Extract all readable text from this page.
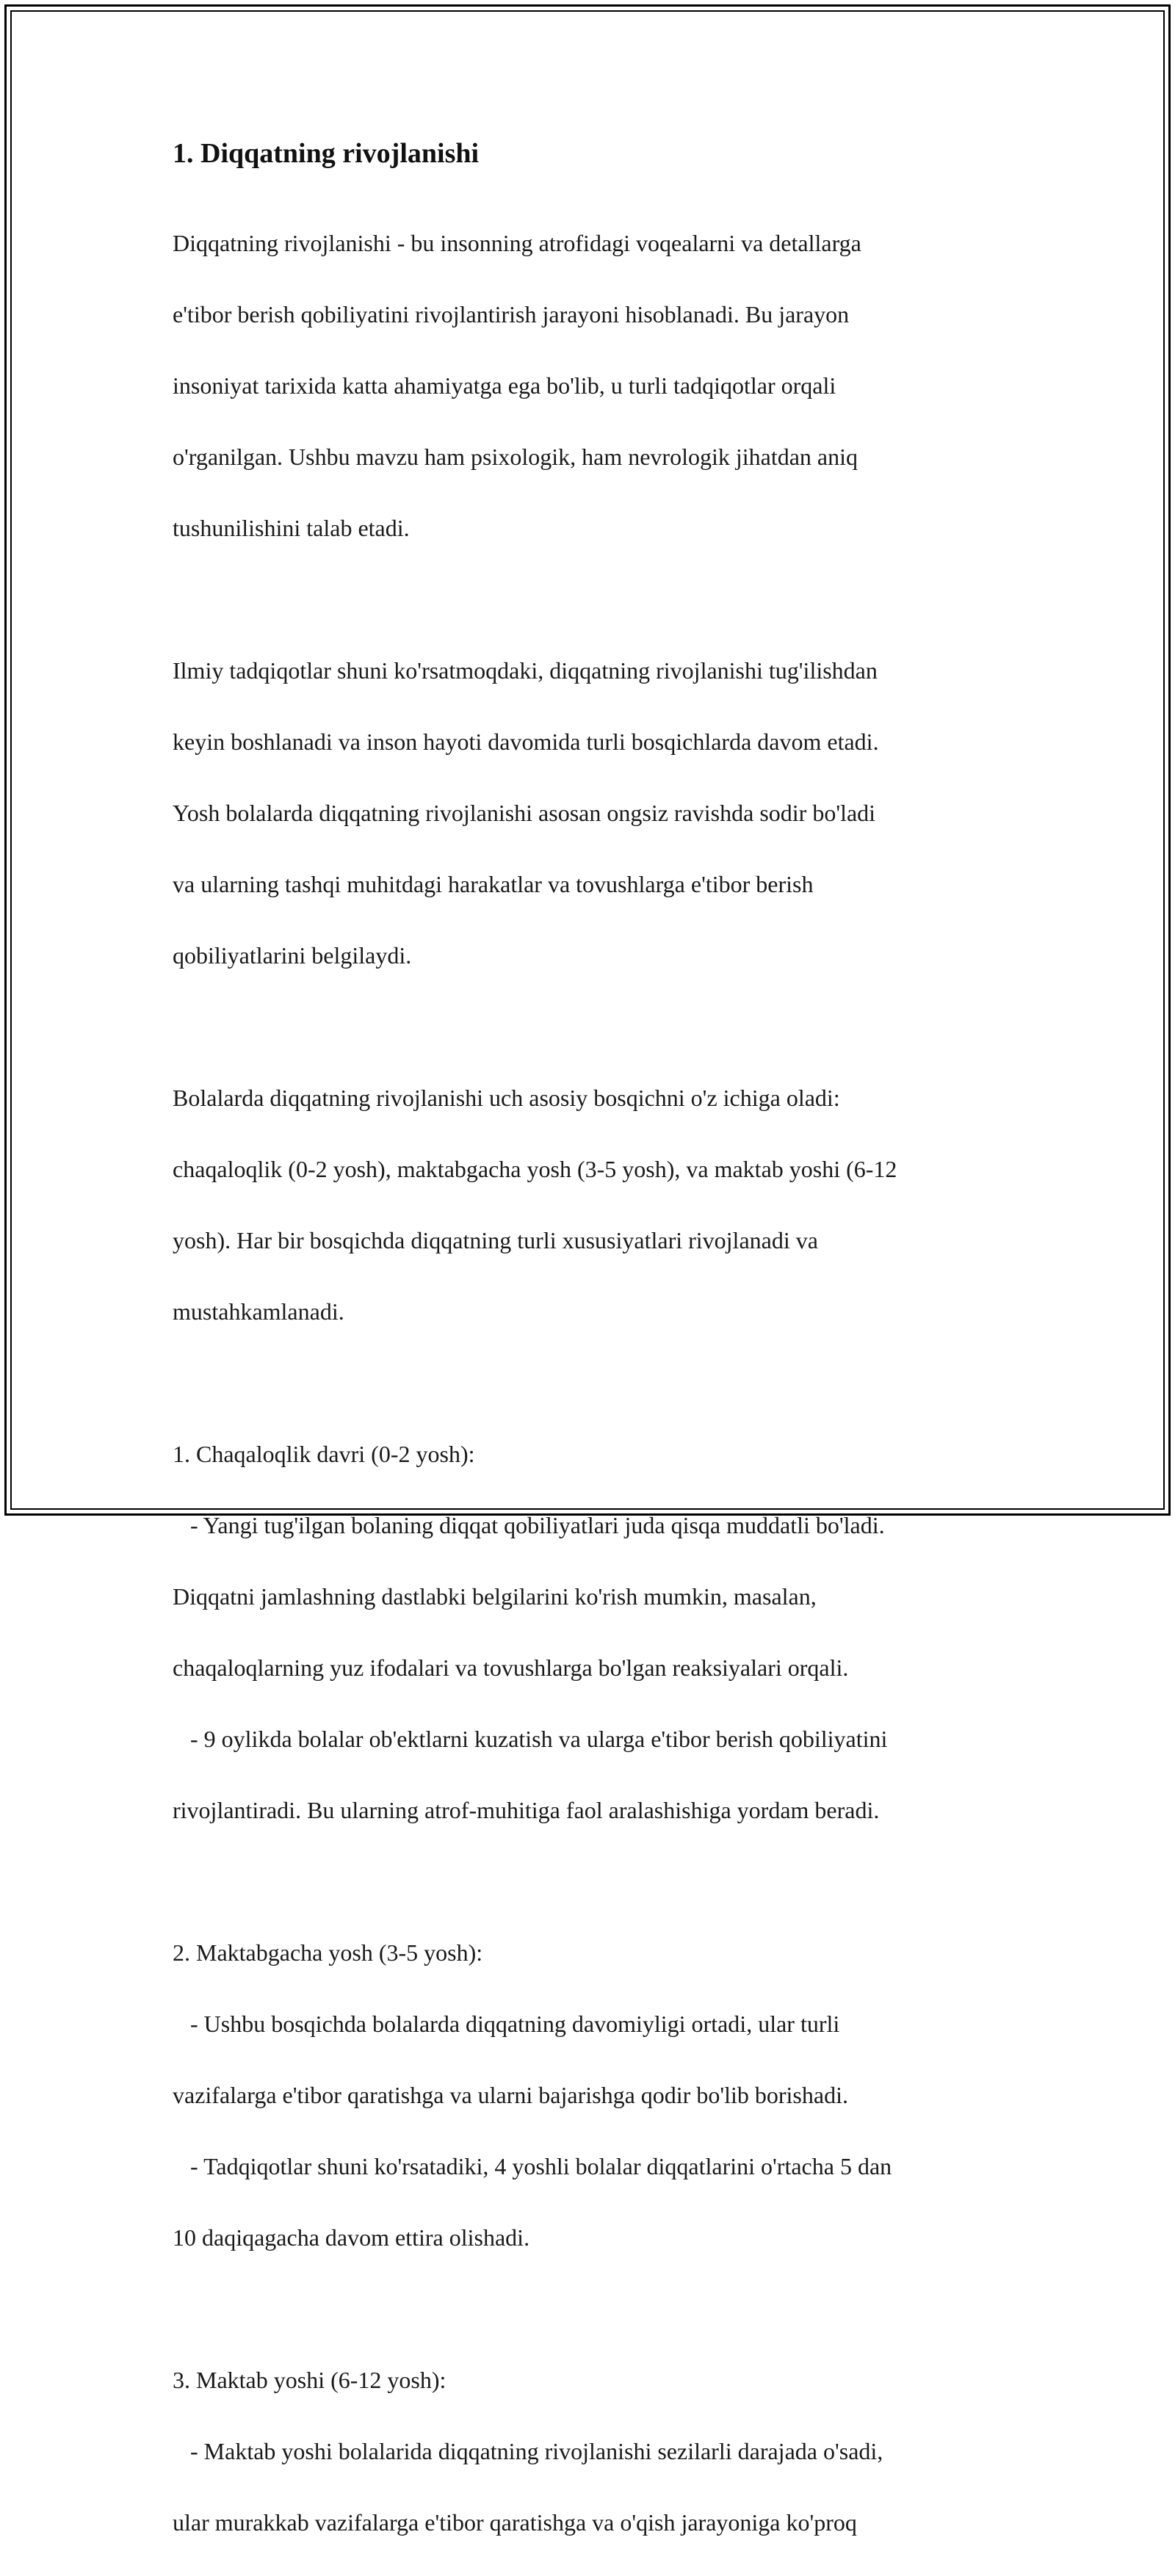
1. Diqqatning rivojlanishi

Diqqatning rivojlanishi - bu insonning atrofidagi voqealarni va detallarga

e'tibor berish qobiliyatini rivojlantirish jarayoni hisoblanadi. Bu jarayon

insoniyat tarixida katta ahamiyatga ega bo'lib, u turli tadqiqotlar orqali

o'rganilgan. Ushbu mavzu ham psixologik, ham nevrologik jihatdan aniq

tushunilishini talab etadi.

Ilmiy tadqiqotlar shuni ko'rsatmoqdaki, diqqatning rivojlanishi tug'ilishdan

keyin boshlanadi va inson hayoti davomida turli bosqichlarda davom etadi.

Yosh bolalarda diqqatning rivojlanishi asosan ongsiz ravishda sodir bo'ladi

va ularning tashqi muhitdagi harakatlar va tovushlarga e'tibor berish

qobiliyatlarini belgilaydi.

Bolalarda diqqatning rivojlanishi uch asosiy bosqichni o'z ichiga oladi:

chaqaloqlik (0-2 yosh), maktabgacha yosh (3-5 yosh), va maktab yoshi (6-12

yosh). Har bir bosqichda diqqatning turli xususiyatlari rivojlanadi va

mustahkamlanadi.

1. Chaqaloqlik davri (0-2 yosh):

- Yangi tug'ilgan bolaning diqqat qobiliyatlari juda qisqa muddatli bo'ladi.

Diqqatni jamlashning dastlabki belgilarini ko'rish mumkin, masalan,

chaqaloqlarning yuz ifodalari va tovushlarga bo'lgan reaksiyalari orqali.

- 9 oylikda bolalar ob'ektlarni kuzatish va ularga e'tibor berish qobiliyatini

rivojlantiradi. Bu ularning atrof-muhitiga faol aralashishiga yordam beradi.

2. Maktabgacha yosh (3-5 yosh):

- Ushbu bosqichda bolalarda diqqatning davomiyligi ortadi, ular turli

vazifalarga e'tibor qaratishga va ularni bajarishga qodir bo'lib borishadi.

- Tadqiqotlar shuni ko'rsatadiki, 4 yoshli bolalar diqqatlarini o'rtacha 5 dan

10 daqiqagacha davom ettira olishadi.

3. Maktab yoshi (6-12 yosh):

- Maktab yoshi bolalarida diqqatning rivojlanishi sezilarli darajada o'sadi,

ular murakkab vazifalarga e'tibor qaratishga va o'qish jarayoniga ko'proq
